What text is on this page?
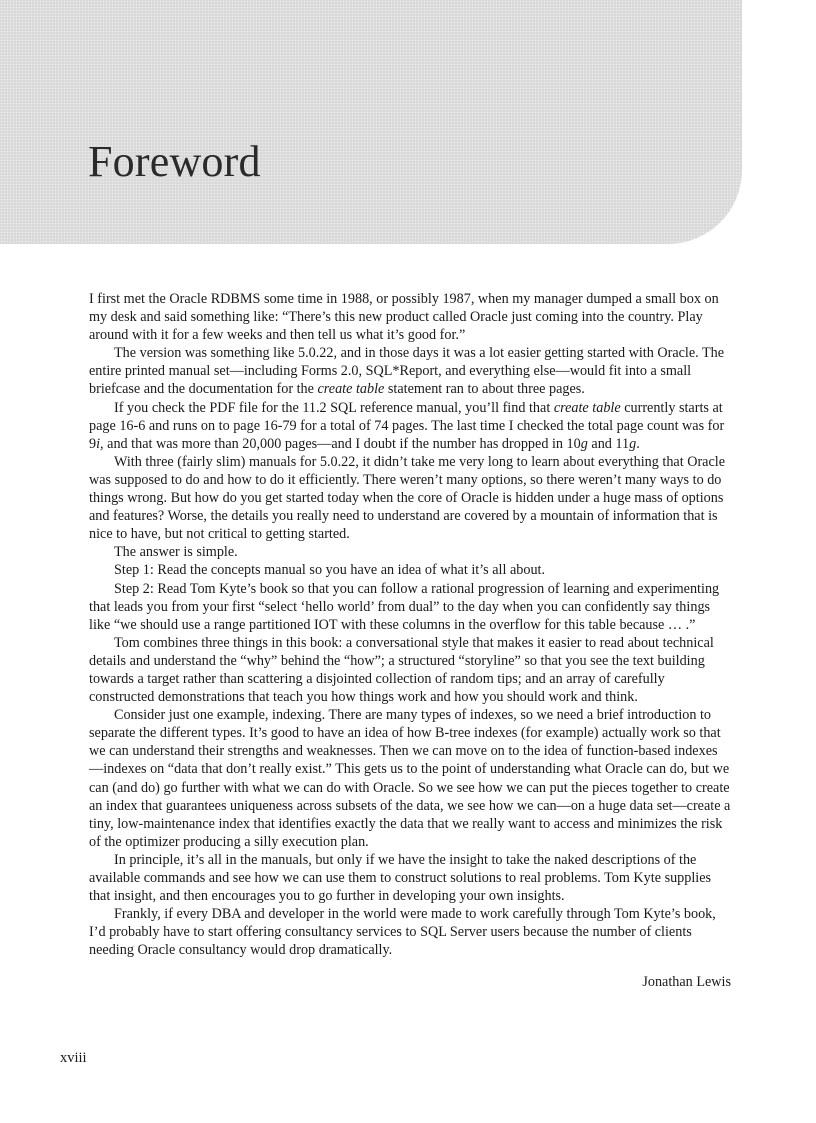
Foreword

I first met the Oracle RDBMS some time in 1988, or possibly 1987, when my manager dumped a small box on my desk and said something like: “There’s this new product called Oracle just coming into the country. Play around with it for a few weeks and then tell us what it’s good for.”

The version was something like 5.0.22, and in those days it was a lot easier getting started with Oracle. The entire printed manual set—including Forms 2.0, SQL*Report, and everything else—would fit into a small briefcase and the documentation for the create table statement ran to about three pages.

If you check the PDF file for the 11.2 SQL reference manual, you’ll find that create table currently starts at page 16-6 and runs on to page 16-79 for a total of 74 pages. The last time I checked the total page count was for 9i, and that was more than 20,000 pages—and I doubt if the number has dropped in 10g and 11g.

With three (fairly slim) manuals for 5.0.22, it didn’t take me very long to learn about everything that Oracle was supposed to do and how to do it efficiently. There weren’t many options, so there weren’t many ways to do things wrong. But how do you get started today when the core of Oracle is hidden under a huge mass of options and features? Worse, the details you really need to understand are covered by a mountain of information that is nice to have, but not critical to getting started.

The answer is simple.

Step 1: Read the concepts manual so you have an idea of what it’s all about.

Step 2: Read Tom Kyte’s book so that you can follow a rational progression of learning and experimenting that leads you from your first “select ‘hello world’ from dual” to the day when you can confidently say things like “we should use a range partitioned IOT with these columns in the overflow for this table because … .”

Tom combines three things in this book: a conversational style that makes it easier to read about technical details and understand the “why” behind the “how”; a structured “storyline” so that you see the text building towards a target rather than scattering a disjointed collection of random tips; and an array of carefully constructed demonstrations that teach you how things work and how you should work and think.

Consider just one example, indexing. There are many types of indexes, so we need a brief introduction to separate the different types. It’s good to have an idea of how B-tree indexes (for example) actually work so that we can understand their strengths and weaknesses. Then we can move on to the idea of function-based indexes—indexes on “data that don’t really exist.” This gets us to the point of understanding what Oracle can do, but we can (and do) go further with what we can do with Oracle. So we see how we can put the pieces together to create an index that guarantees uniqueness across subsets of the data, we see how we can—on a huge data set—create a tiny, low-maintenance index that identifies exactly the data that we really want to access and minimizes the risk of the optimizer producing a silly execution plan.

In principle, it’s all in the manuals, but only if we have the insight to take the naked descriptions of the available commands and see how we can use them to construct solutions to real problems. Tom Kyte supplies that insight, and then encourages you to go further in developing your own insights.

Frankly, if every DBA and developer in the world were made to work carefully through Tom Kyte’s book, I’d probably have to start offering consultancy services to SQL Server users because the number of clients needing Oracle consultancy would drop dramatically.

Jonathan Lewis

xviii
